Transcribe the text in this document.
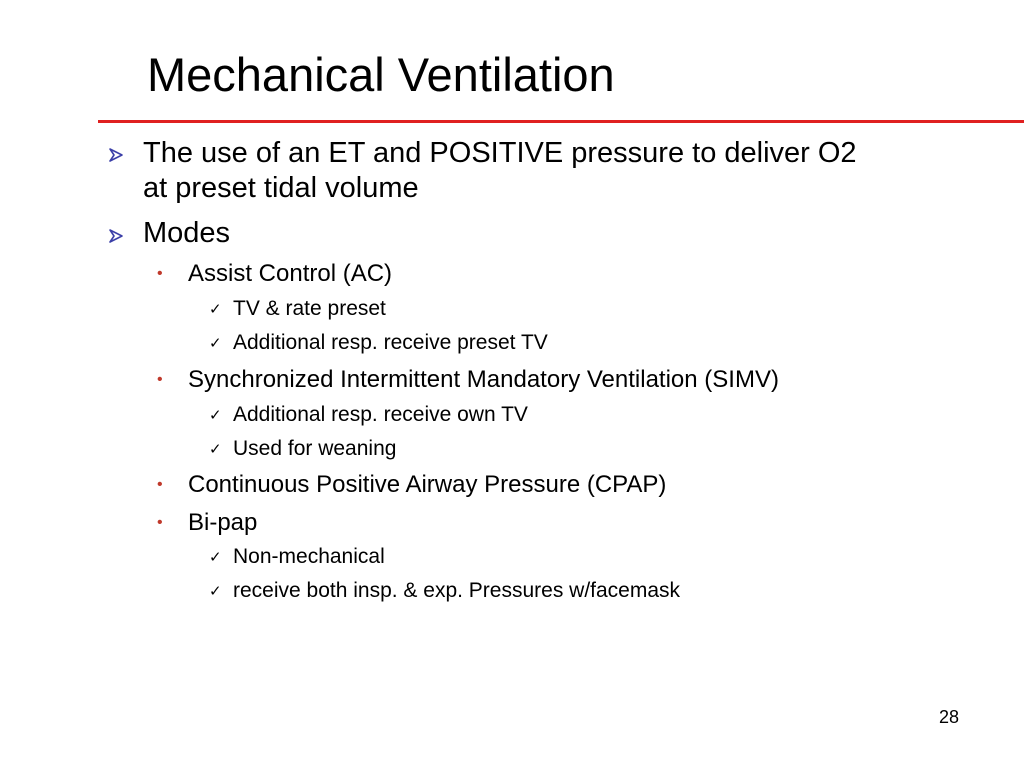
Mechanical Ventilation
The use of an ET and POSITIVE pressure to deliver O2
at preset tidal volume
Modes
• Assist Control (AC)
✓ TV & rate preset
✓ Additional resp. receive preset TV
• Synchronized Intermittent Mandatory Ventilation (SIMV)
✓ Additional resp. receive own TV
✓ Used for weaning
• Continuous Positive Airway Pressure (CPAP)
• Bi-pap
✓ Non-mechanical
✓ receive both insp. & exp. Pressures w/facemask
28
